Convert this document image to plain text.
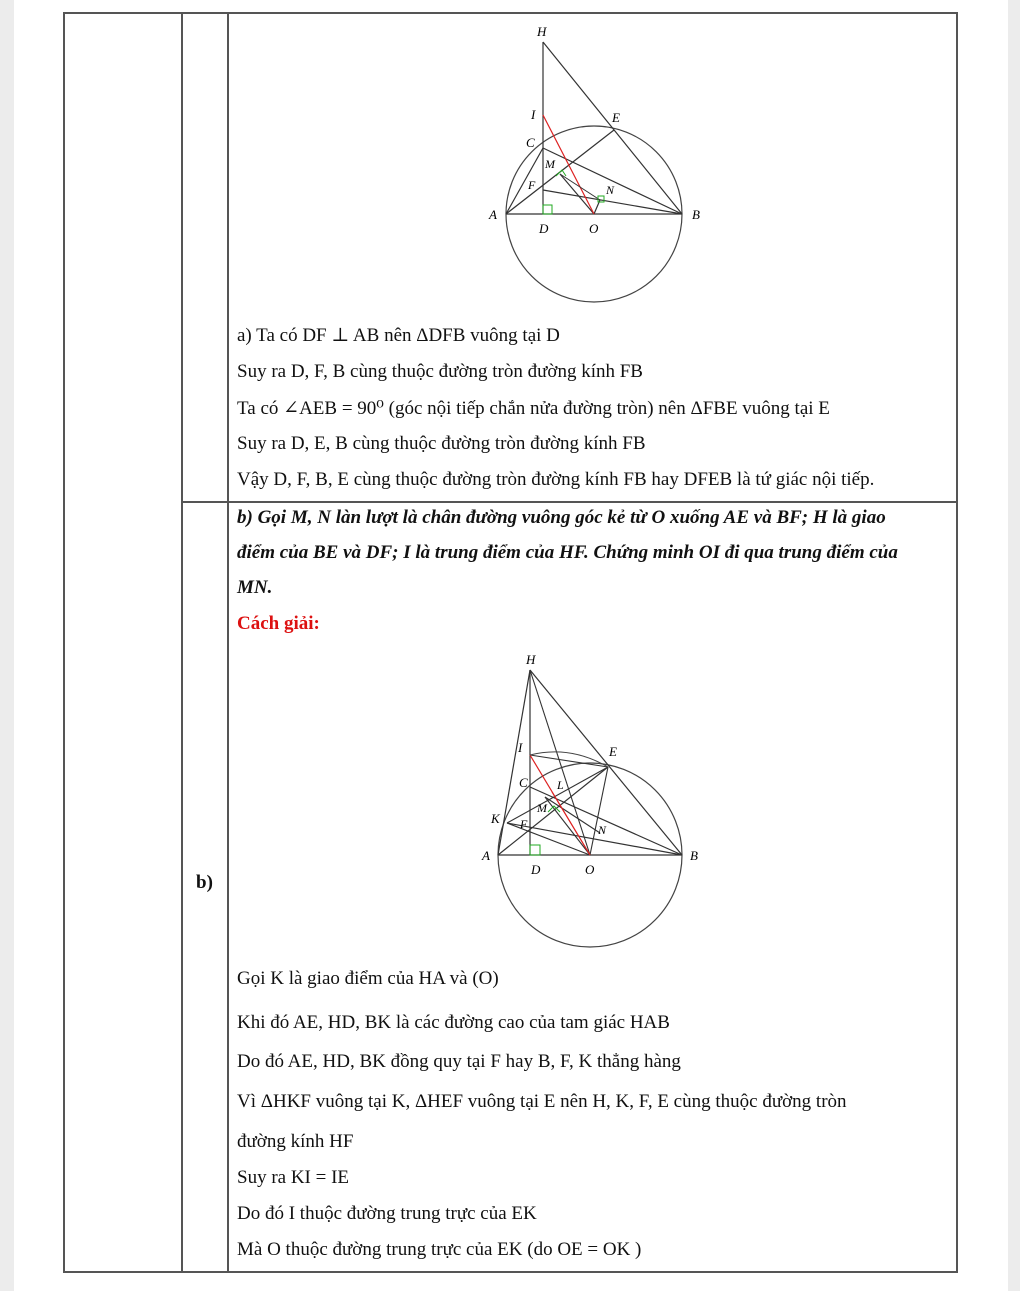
H
I	E
C
M
F	N
A	B
D	O
a) Ta có DF ⊥ AB nên ΔDFB vuông tại D
Suy ra D, F, B cùng thuộc đường tròn đường kính FB
Ta có ∠AEB = 90⁰ (góc nội tiếp chắn nửa đường tròn) nên ΔFBE vuông tại E
Suy ra D, E, B cùng thuộc đường tròn đường kính FB
Vậy D, F, B, E cùng thuộc đường tròn đường kính FB hay DFEB là tứ giác nội tiếp.
b) Gọi M, N làn lượt là chân đường vuông góc kẻ từ O xuống AE và BF; H là giao
điểm của BE và DF; I là trung điểm của HF. Chứng minh OI đi qua trung điểm của
MN.
Cách giải:
b)
H
I	E
C L
M
K F	N
A	B
D	O
Gọi K là giao điểm của HA và (O)
Khi đó AE, HD, BK là các đường cao của tam giác HAB
Do đó AE, HD, BK đồng quy tại F hay B, F, K thẳng hàng
Vì ΔHKF vuông tại K, ΔHEF vuông tại E nên H, K, F, E cùng thuộc đường tròn
đường kính HF
Suy ra KI = IE
Do đó I thuộc đường trung trực của EK
Mà O thuộc đường trung trực của EK (do OE = OK )
